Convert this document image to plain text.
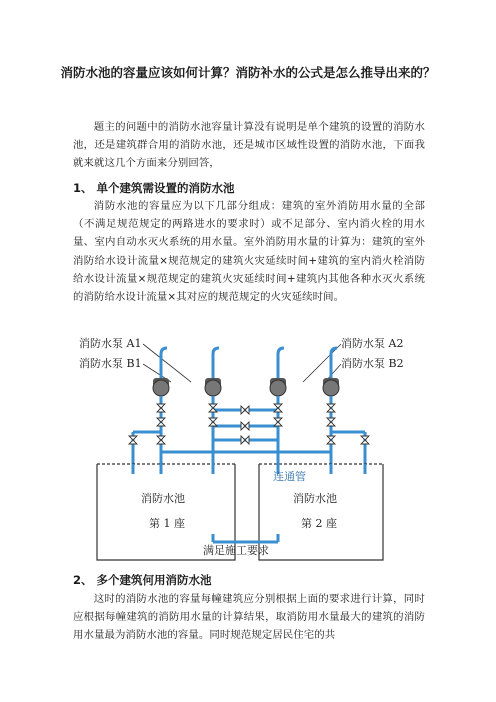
消防水池的容量应该如何计算？消防补水的公式是怎么推导出来的？
题主的问题中的消防水池容量计算没有说明是单个建筑的设置的消防水池，还是建筑群合用的消防水池，还是城市区域性设置的消防水池，下面我就来就这几个方面来分别回答，
1、 单个建筑需设置的消防水池
消防水池的容量应为以下几部分组成：建筑的室外消防用水量的全部（不满足规范规定的两路进水的要求时）或不足部分、室内消火栓的用水量、室内自动水灭火系统的用水量。室外消防用水量的计算为：建筑的室外消防给水设计流量×规范规定的建筑火灾延续时间+建筑的室内消火栓消防给水设计流量×规范规定的建筑火灾延续时间+建筑内其他各种水灭火系统的消防给水设计流量×其对应的规范规定的火灾延续时间。
消防水泵 A1
消防水泵 B1
消防水泵 A2
消防水泵 B2
连通管
消防水池
第 1 座
消防水池
第 2 座
满足施工要求
2、 多个建筑何用消防水池
这时的消防水池的容量每幢建筑应分别根据上面的要求进行计算，同时应根据每幢建筑的消防用水量的计算结果，取消防用水量最大的建筑的消防用水量最为消防水池的容量。同时规范规定居民住宅的共
